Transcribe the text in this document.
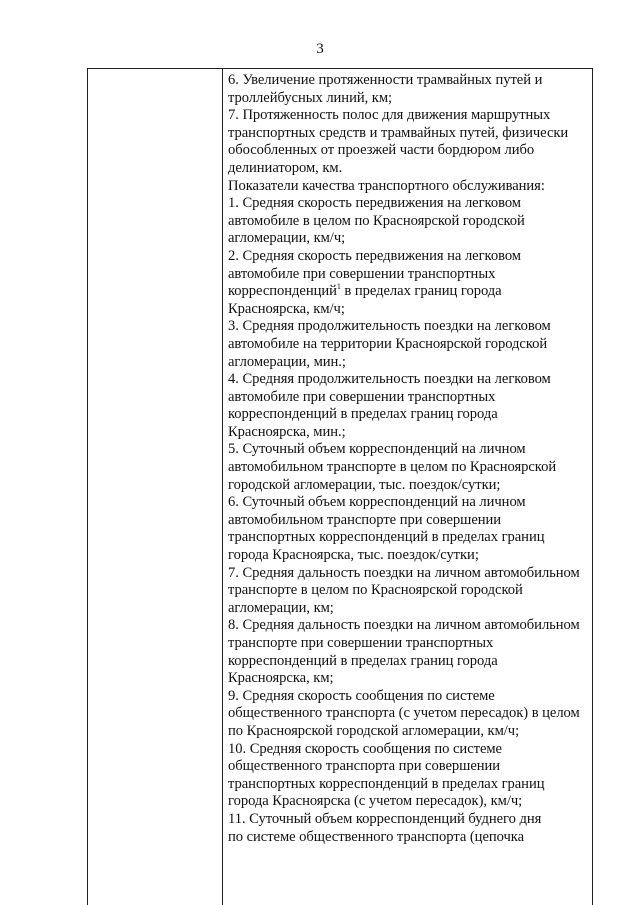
3
6. Увеличение протяженности трамвайных путей и
троллейбусных линий, км;
7. Протяженность полос для движения маршрутных
транспортных средств и трамвайных путей, физически
обособленных от проезжей части бордюром либо
делиниатором, км.
Показатели качества транспортного обслуживания:
1. Средняя скорость передвижения на легковом
автомобиле в целом по Красноярской городской
агломерации, км/ч;
2. Средняя скорость передвижения на легковом
автомобиле при совершении транспортных
корреспонденций$^1$ в пределах границ города
Красноярска, км/ч;
3. Средняя продолжительность поездки на легковом
автомобиле на территории Красноярской городской
агломерации, мин.;
4. Средняя продолжительность поездки на легковом
автомобиле при совершении транспортных
корреспонденций в пределах границ города
Красноярска, мин.;
5. Суточный объем корреспонденций на личном
автомобильном транспорте в целом по Красноярской
городской агломерации, тыс. поездок/сутки;
6. Суточный объем корреспонденций на личном
автомобильном транспорте при совершении
транспортных корреспонденций в пределах границ
города Красноярска, тыс. поездок/сутки;
7. Средняя дальность поездки на личном автомобильном
транспорте в целом по Красноярской городской
агломерации, км;
8. Средняя дальность поездки на личном автомобильном
транспорте при совершении транспортных
корреспонденций в пределах границ города
Красноярска, км;
9. Средняя скорость сообщения по системе
общественного транспорта (с учетом пересадок) в целом
по Красноярской городской агломерации, км/ч;
10. Средняя скорость сообщения по системе
общественного транспорта при совершении
транспортных корреспонденций в пределах границ
города Красноярска (с учетом пересадок), км/ч;
11. Суточный объем корреспонденций буднего дня
по системе общественного транспорта (цепочка
